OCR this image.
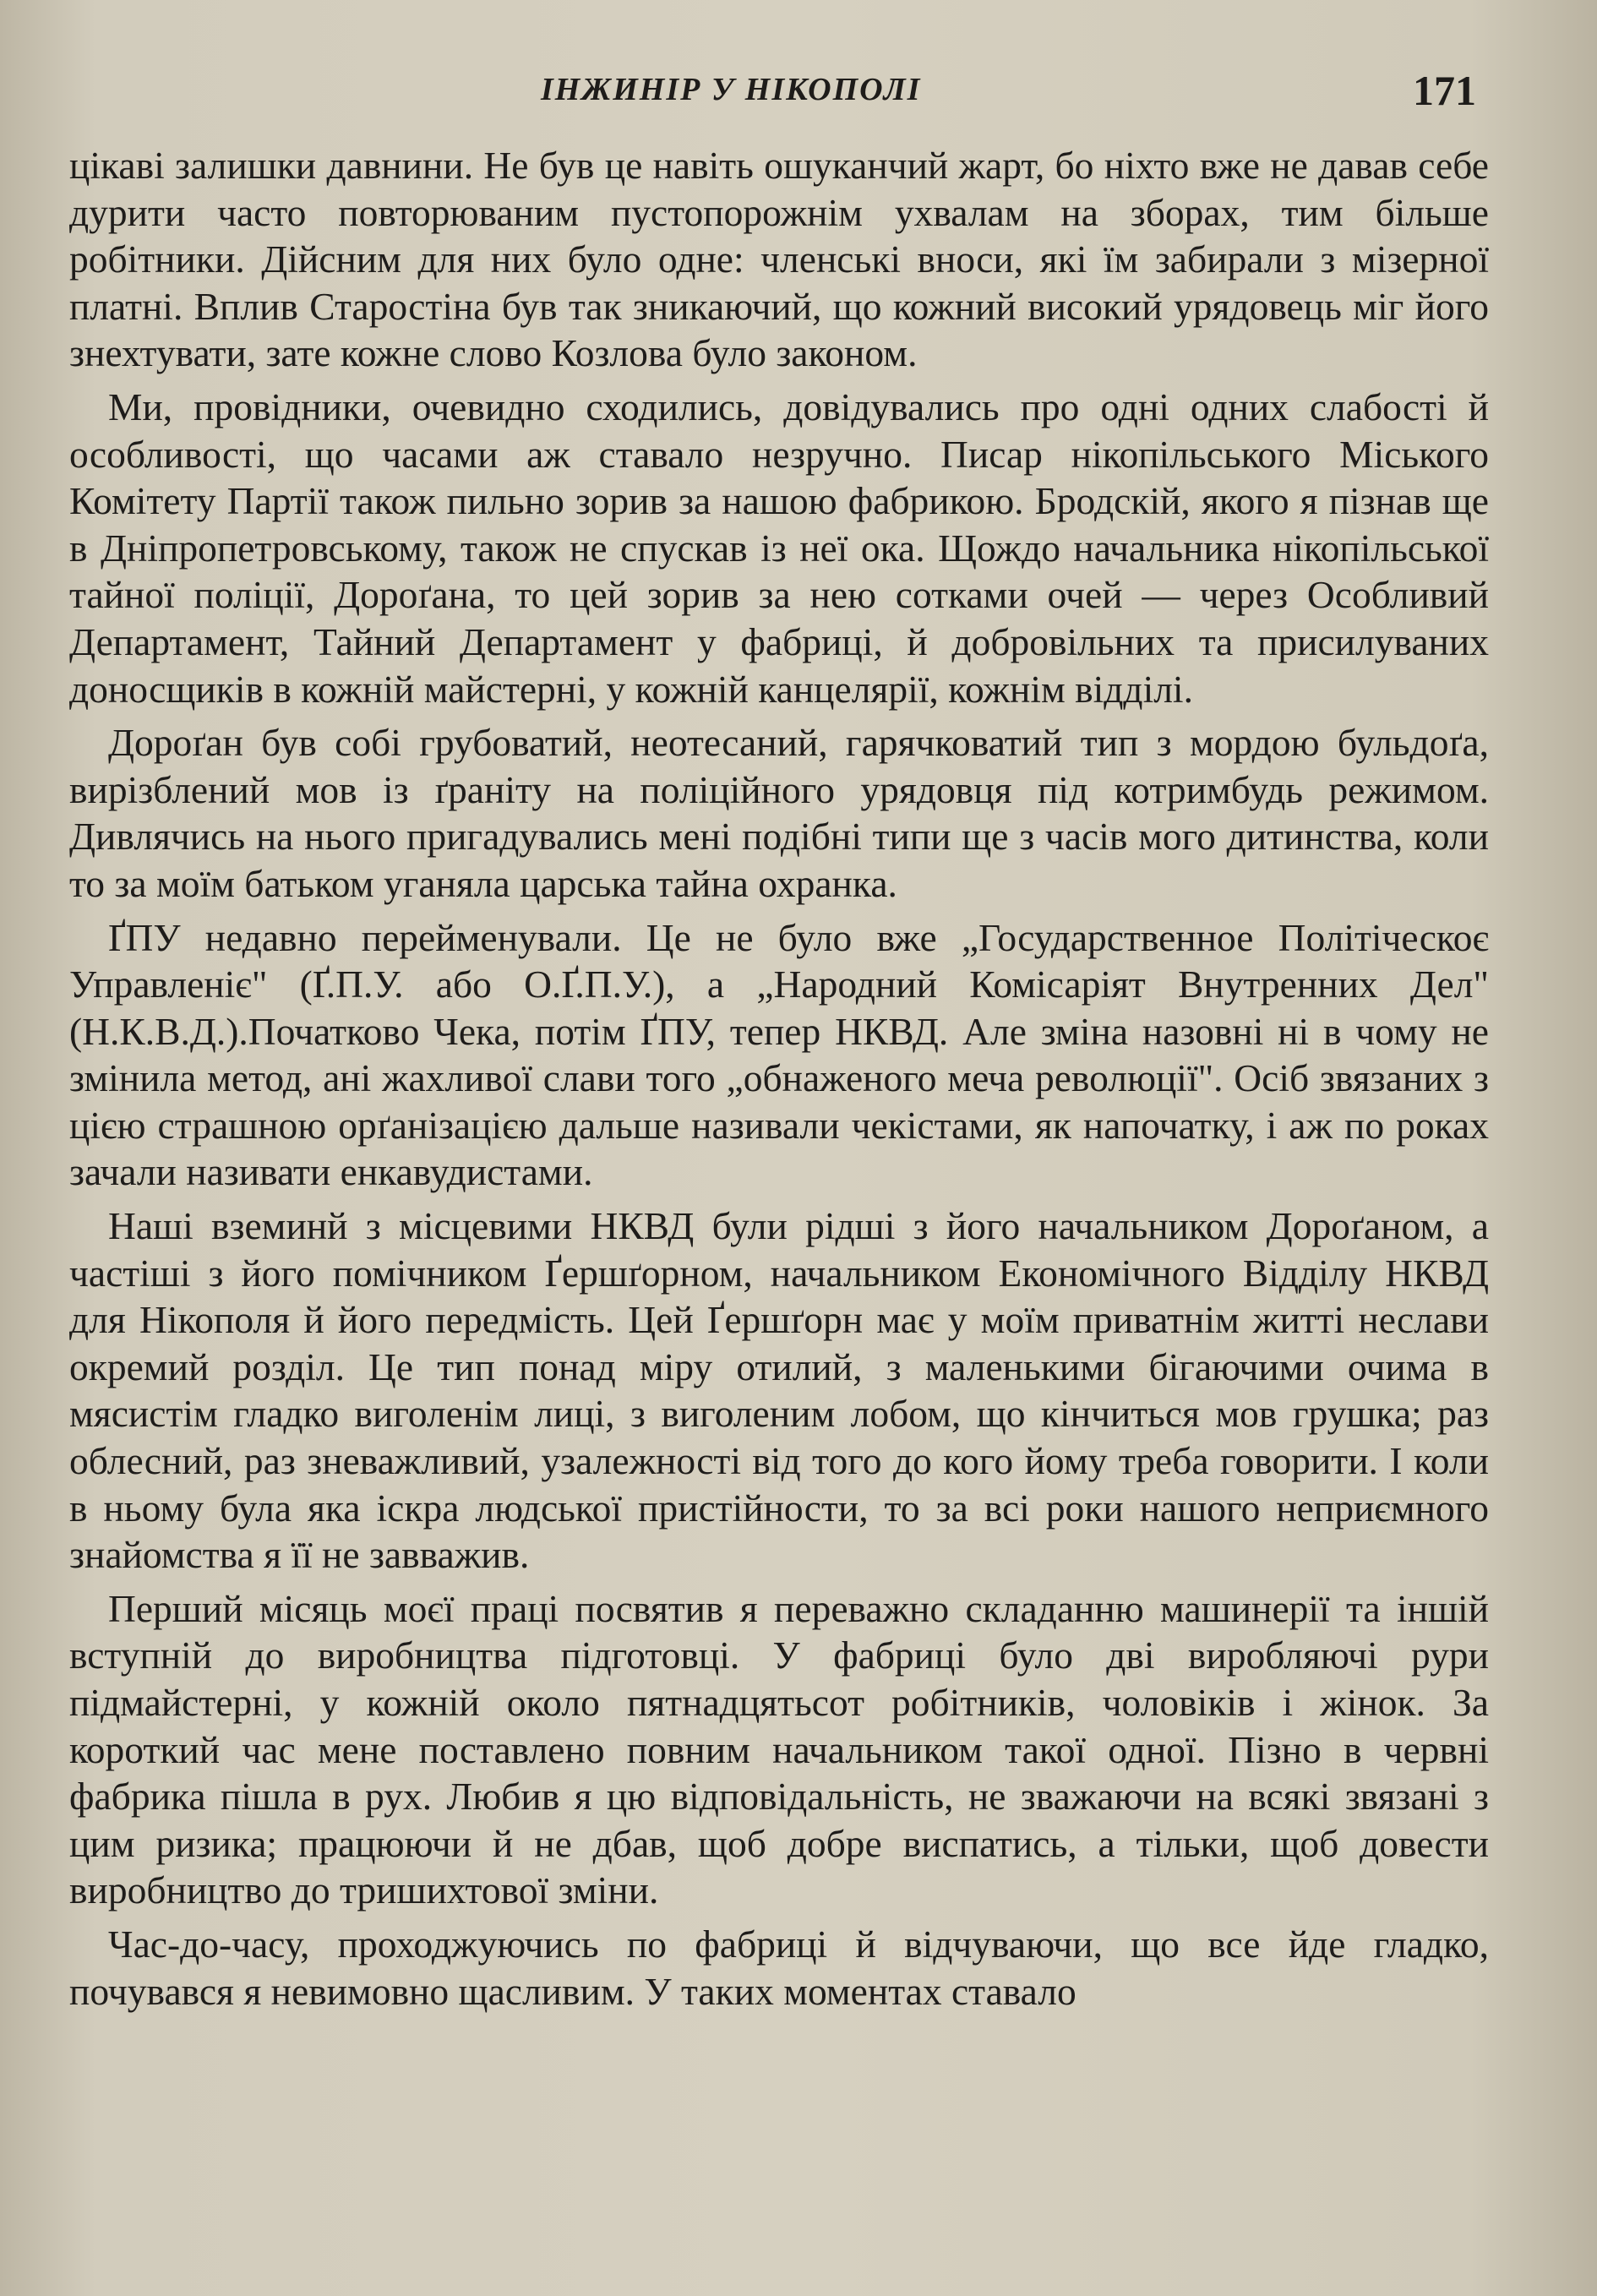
ІНЖИНІР У НІКОПОЛІ	171

цікаві залишки давнини. Не був це навіть ошуканчий жарт, бо ніхто вже не давав себе дурити часто повторюваним пустопорожнім ухвалам на зборах, тим більше робітники. Дійсним для них було одне: членські вноси, які їм забирали з мізерної платні. Вплив Старостіна був так зникаючий, що кожний високий урядовець міг його знехтувати, зате кожне слово Козлова було законом.

Ми, провідники, очевидно сходились, довідувались про одні одних слабості й особливості, що часами аж ставало незручно. Писар нікопільського Міського Комітету Партії також пильно зорив за нашою фабрикою. Бродскій, якого я пізнав ще в Дніпропетровському, також не спускав із неї ока. Щождо начальника нікопільської тайної поліції, Дороґана, то цей зорив за нею сотками очей — через Особливий Департамент, Тайний Департамент у фабриці, й добровільних та присилуваних доносщиків в кожній майстерні, у кожній канцелярії, кожнім відділі.

Дороґан був собі грубоватий, неотесаний, гарячковатий тип з мордою бульдоґа, вирізблений мов із ґраніту на поліційного урядовця під котримбудь режимом. Дивлячись на нього пригадувались мені подібні типи ще з часів мого дитинства, коли то за моїм батьком уганяла царська тайна охранка.

ҐПУ недавно перейменували. Це не було вже „Государственное Політіческоє Управленіє" (Ґ.П.У. або О.Ґ.П.У.), а „Народний Комісаріят Внутренних Дел" (Н.К.В.Д.).Початково Чека, потім ҐПУ, тепер НКВД. Але зміна назовні ні в чому не змінила метод, ані жахливої слави того „обнаженого меча революції". Осіб звязаних з цією страшною орґанізацією дальше називали чекістами, як напочатку, і аж по роках зачали називати енкавудистами.

Наші вземинй з місцевими НКВД були рідші з його начальником Дороґаном, а частіші з його помічником Ґершґорном, начальником Економічного Відділу НКВД для Нікополя й його передмість. Цей Ґершґорн має у моїм приватнім житті неслави окремий розділ. Це тип понад міру отилий, з маленькими бігаючими очима в мясистім гладко виголенім лиці, з виголеним лобом, що кінчиться мов грушка; раз облесний, раз зневажливий, узалежності від того до кого йому треба говорити. І коли в ньому була яка іскра людської пристійности, то за всі роки нашого неприємного знайомства я її не завважив.

Перший місяць моєї праці посвятив я переважно складанню машинерії та іншій вступній до виробництва підготовці. У фабриці було дві виробляючі рури підмайстерні, у кожній около пятнадцятьсот робітників, чоловіків і жінок. За короткий час мене поставлено повним начальником такої одної. Пізно в червні фабрика пішла в рух. Любив я цю відповідальність, не зважаючи на всякі звязані з цим ризика; працюючи й не дбав, щоб добре виспатись, а тільки, щоб довести виробництво до тришихтової зміни.

Час-до-часу, проходжуючись по фабриці й відчуваючи, що все йде гладко, почувався я невимовно щасливим. У таких моментах ставало
